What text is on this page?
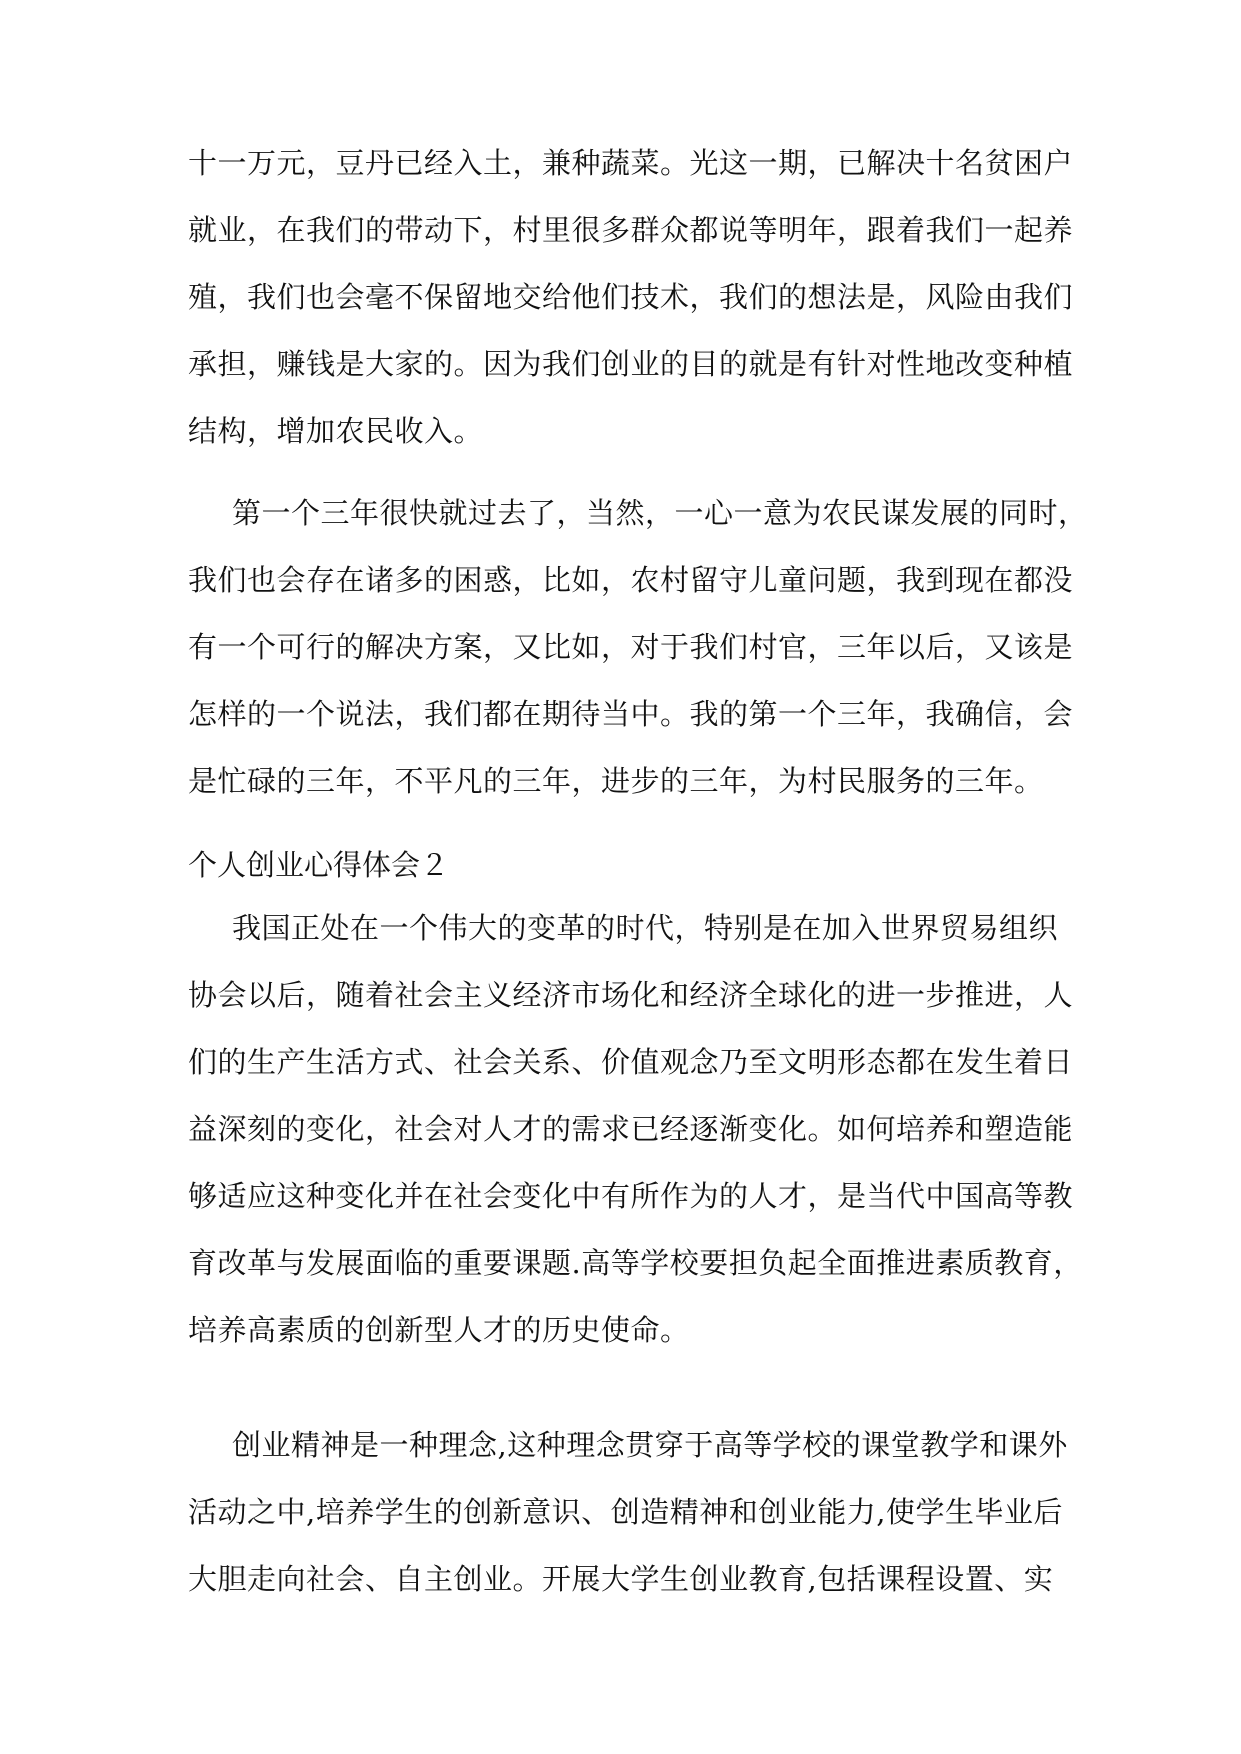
十一万元，豆丹已经入土，兼种蔬菜。光这一期，已解决十名贫困户
就业，在我们的带动下，村里很多群众都说等明年，跟着我们一起养
殖，我们也会毫不保留地交给他们技术，我们的想法是，风险由我们
承担，赚钱是大家的。因为我们创业的目的就是有针对性地改变种植
结构，增加农民收入。
第一个三年很快就过去了，当然，一心一意为农民谋发展的同时，
我们也会存在诸多的困惑，比如，农村留守儿童问题，我到现在都没
有一个可行的解决方案，又比如，对于我们村官，三年以后，又该是
怎样的一个说法，我们都在期待当中。我的第一个三年，我确信，会
是忙碌的三年，不平凡的三年，进步的三年，为村民服务的三年。
个人创业心得体会２
我国正处在一个伟大的变革的时代，特别是在加入世界贸易组织
协会以后，随着社会主义经济市场化和经济全球化的进一步推进，人
们的生产生活方式、社会关系、价值观念乃至文明形态都在发生着日
益深刻的变化，社会对人才的需求已经逐渐变化。如何培养和塑造能
够适应这种变化并在社会变化中有所作为的人才，是当代中国高等教
育改革与发展面临的重要课题.高等学校要担负起全面推进素质教育，
培养高素质的创新型人才的历史使命。
创业精神是一种理念,这种理念贯穿于高等学校的课堂教学和课外
活动之中,培养学生的创新意识、创造精神和创业能力,使学生毕业后
大胆走向社会、自主创业。开展大学生创业教育,包括课程设置、实
